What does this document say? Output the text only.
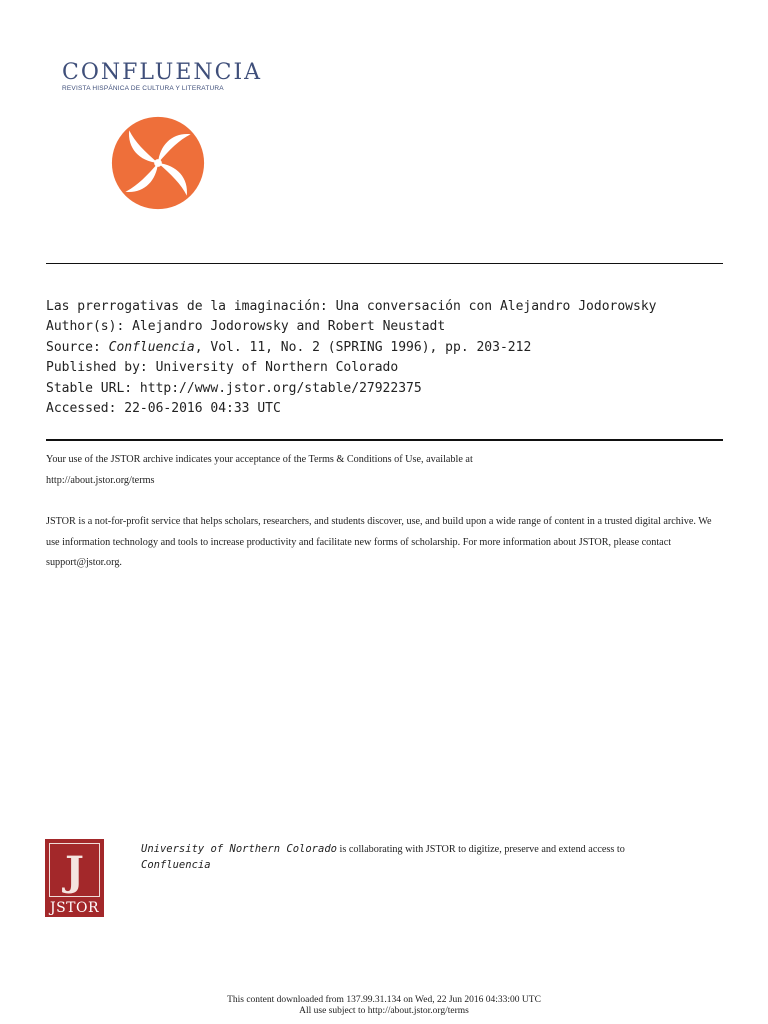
CONFLUENCIA
REVISTA HISPÁNICA DE CULTURA Y LITERATURA
Las prerrogativas de la imaginación: Una conversación con Alejandro Jodorowsky
Author(s): Alejandro Jodorowsky and Robert Neustadt
Source: Confluencia, Vol. 11, No. 2 (SPRING 1996), pp. 203-212
Published by: University of Northern Colorado
Stable URL: http://www.jstor.org/stable/27922375
Accessed: 22-06-2016 04:33 UTC

Your use of the JSTOR archive indicates your acceptance of the Terms & Conditions of Use, available at

http://about.jstor.org/terms

JSTOR is a not-for-profit service that helps scholars, researchers, and students discover, use, and build upon a wide range of content in a trusted digital archive. We use information technology and tools to increase productivity and facilitate new forms of scholarship. For more information about JSTOR, please contact support@jstor.org.

J
JSTOR
University of Northern Colorado is collaborating with JSTOR to digitize, preserve and extend access to
Confluencia
This content downloaded from 137.99.31.134 on Wed, 22 Jun 2016 04:33:00 UTC
All use subject to http://about.jstor.org/terms
